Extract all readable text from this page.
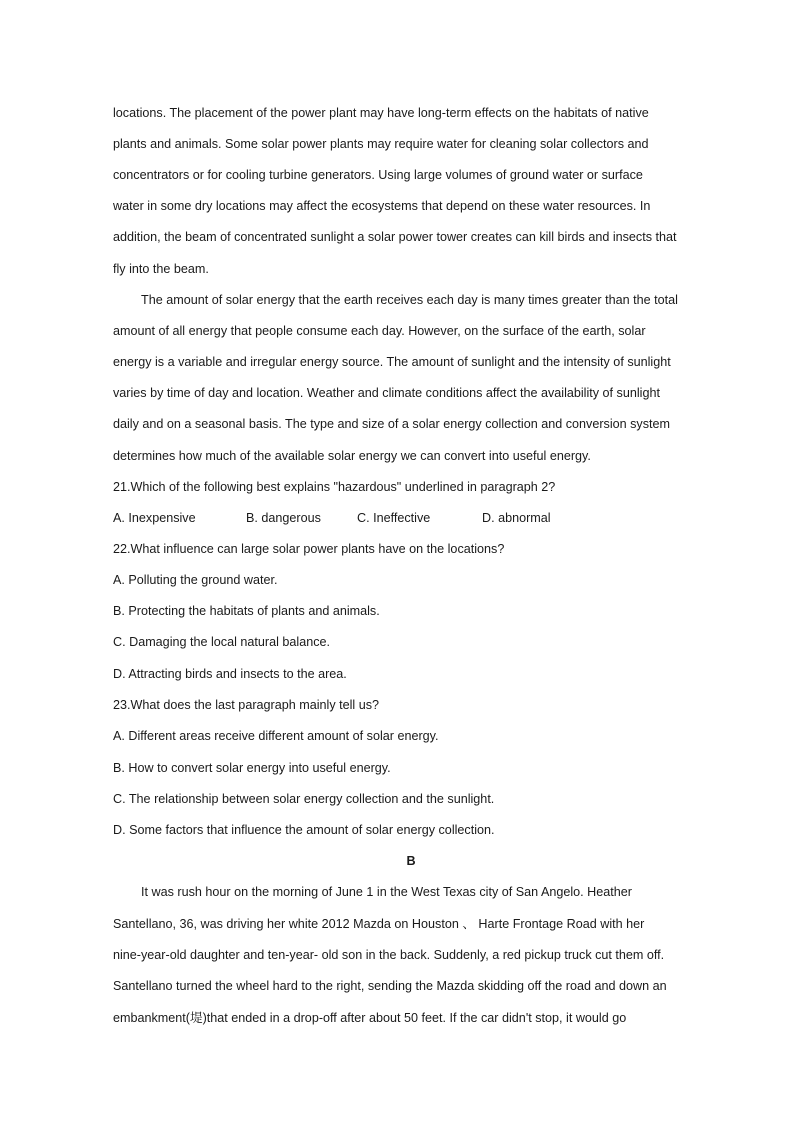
locations. The placement of the power plant may have long-term effects on the habitats of native
plants and animals. Some solar power plants may require water for cleaning solar collectors and
concentrators or for cooling turbine generators. Using large volumes of ground water or surface
water in some dry locations may affect the ecosystems that depend on these water resources. In
addition, the beam of concentrated sunlight a solar power tower creates can kill birds and insects that
fly into the beam.
The amount of solar energy that the earth receives each day is many times greater than the total
amount of all energy that people consume each day. However, on the surface of the earth, solar
energy is a variable and irregular energy source. The amount of sunlight and the intensity of sunlight
varies by time of day and location. Weather and climate conditions affect the availability of sunlight
daily and on a seasonal basis. The type and size of a solar energy collection and conversion system
determines how much of the available solar energy we can convert into useful energy.
21.Which of the following best explains "hazardous" underlined in paragraph 2?
A. Inexpensive	B. dangerous	C. Ineffective	D. abnormal
22.What influence can large solar power plants have on the locations?
A. Polluting the ground water.
B. Protecting the habitats of plants and animals.
C. Damaging the local natural balance.
D. Attracting birds and insects to the area.
23.What does the last paragraph mainly tell us?
A. Different areas receive different amount of solar energy.
B. How to convert solar energy into useful energy.
C. The relationship between solar energy collection and the sunlight.
D. Some factors that influence the amount of solar energy collection.
B
It was rush hour on the morning of June 1 in the West Texas city of San Angelo. Heather
Santellano, 36, was driving her white 2012 Mazda on Houston 、 Harte Frontage Road with her
nine-year-old daughter and ten-year- old son in the back. Suddenly, a red pickup truck cut them off.
Santellano turned the wheel hard to the right, sending the Mazda skidding off the road and down an
embankment(堤)that ended in a drop-off after about 50 feet. If the car didn't stop, it would go
